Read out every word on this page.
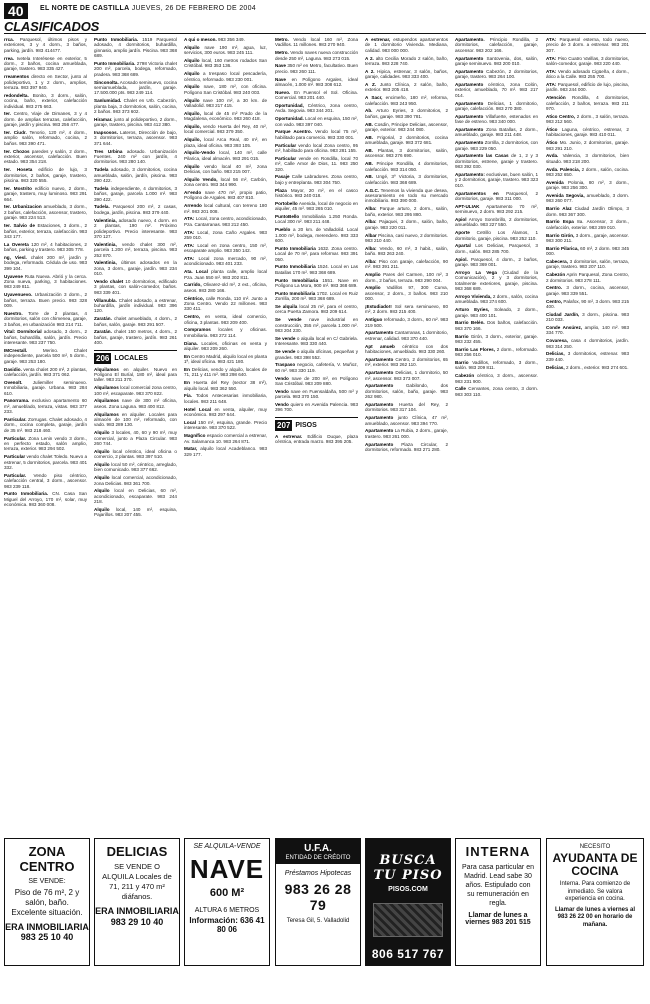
40	EL NORTE DE CASTILLA JUEVES, 26 DE FEBRERO DE 2004
CLASIFICADOS

rrca. Parquesol, últimos pisos y exteriores, 3 y 4 dorm., 3 baños, parking, jardín. 983 414477.

rrea. Ivetela Interésese en exterior, 5 dorm., 2 baños, cocina amueblada, garaje, trastero. 983 335 427.

rreamentos directo en Sector, junto al polideportivo, 1 y 2 dorm., amplios, terraza. 983 397 940.

redondelta. Bonito, 3 dorm., salón, cocina, baño, exterior, calefacción individual. 983 275 663.

ter. Centro, Viaje de Dimanes, 3 y 4 dorm. de amplias terrazas, calefacción, garaje, jardín y piscina. 983 256 477.

ter. Ciudr. Tenorio, 120 m², 4 dorm., amplio salón, reformado, cocina, 2 baños. 983 390 471.

ter. Chozos paredes y salón, 2 dorm., exterior, ascensor, calefacción. Buen estado. 983 354 218.

ter. Hoseta edificio de lujo, 3 dormitorios, 2 baños, garaje, trastero, piscina. 983 320 555.

ter. Mostrito edificio nuevo, 2 dorm., garaje, trastero, muy luminoso. 983 291 664.

ter. Urbanizacion amueblado, 3 dorm., 2 baños, calefacción, ascensor, trastero, garaje. 983 224 513.

ter. Salvio de Estaciones, 3 dorm., 2 baños, exterior, terraza, calefacción. 983 343 177.

La Overeta 120 m², 4 habitaciones, 2 baños, parking y trastero. 983 305 778.

ng, Viesl. chalet 200 m², jardín y bodega, reformado. Cédula de uso. 983 399 104.

Uyavene Ruta Nueva. Abrió y la cerca. Zona nueva, parking, 3 habitaciones. 983 249 811.

Uyavenuevo. Urbanización 3 dorm., 2 baños, terraza. Buen precio. 983 328 009.

Nuestro. Torre de 2 plantas, 4 dormitorios, salón con chimenea, garaje, 3 baños, en urbanización 983 214 711.

Vital: Dormitorial adosado, 3 dorm., 2 baños, buhardilla, salón, jardín. Precio interesante. 983 237 750.

IMCrestall.	Merino. Chalet independiente, parcela 500 m², 5 dorm., garaje. 983 253 180.

Dasidio. venta chalet 200 m², 2 plantas, calefacción, jardín. 983 371 062.

Ovenolt. Juliemiller seminuevo. Inmobiliaria, garaje. Urbana. 983 284 610.

Panorrama. exclusivo apartamento 60 m², amueblado, terraza, vistas. 983 377 233.

Parricular. Zorrugas. Chalet adosado, 4 dorm., cocina completa, garaje, jardín de 35 m². 983 218 460.

Particular. Zona Lenin vendo 3 dorm., en perfecto estado, salón amplio, terraza, exterior. 983 294 502.

Particular vendo chalet Toledo. Nuevo a estrenar, 5 dormitorios, parcela. 983 401 332.

Particular. Vendo piso céntrico, calefacción central, 3 dorm., ascensor. 983 239 118.

Punto Inmobiliaria. CN. Casa San Miguel del Arroyo, 170 m², solar, muy económica. 983 360 008.

Punto Inmobiliaria. 1519 Parquesol adosado, 4 dormitorios, buhardilla, ginnasio, amplio jardín. Piscina. 983 368 689.

Punto Inmobiliaria. 2798 Victoria chalet 200 m², parcela, bodega, reformado, pradera. 983 368 689.

Sinconolta. Acosado seminuevo, cocina semiamueblada, jardín, garaje. 17.500.000 pts. 983 249 114.

Sanlumidad. Chalet en Urb. Cabezón, planta baja, 3 dormitorios, salón, cocina, 2 baños. 983 373 602.

Hiramar. junto al polideportivo, 2 dorm., garaje, trastero, piscina. 983 412 380.

Inapsosos. Lateros, Dirección de bajo, 3 dormitorios, terraza, ascensor. 983 371 644.

Tres Urbina adosado. Urbanización Fuentes. 240 m² con jardín, 4 dormitorios. 983 280 140.

Tudela adosado, 3 dormitorios, cocina amueblada, salón, jardín, piscina. 983 390 422.

Tudela independiente, 4 dormitorios, 3 baños, garaje, parcela 1.000 m². 983 390 422.

Tudela. Parquesol 200 m², 2 casas, bodega, jardín, piscina. 983 379 440.

Valentinia, adosado nuevo, 4 dorm. en 2 plantas, 190 m². Próximo polideportivo. Precio interesante. 983 370 127.

Valentinia, vendo chalet 300 m², parcela 1.200 m², terraza, piscina. 983 252 870.

Valentinia, últimos adosados en la zona, 3 dorm., garaje, jardín. 983 234 010.

Vendo chalet 10 dormitorios, edificado 3 plantas, con salón-comedor, baños. 983 339 401.

Villanubla. Chalet adosado, a estrenar, buhardilla, jardín individual. 983 396 120.

Zaratán. chalet amueblado, 4 dorm., 2 baños, salón, garaje. 983 291 507.

Zaratán. chalet 150 metros, 4 dorm., 2 baños, garaje, trastero, jardín. 983 261 400.

206 LOCALES

Alquilamos en alquiler. Nuevo en Polígono El Buríal, 180 m², ideal para taller. 983 211 370.

Alquilamos local comercial zona centro, 100 m², escaparate. 983 370 822.

Alquilamos nave de 300 m² oficina, aseos. Zona Laguna. 983 400 812.

Alquilamos en alquiler. Locales para almacén de 100 m², reformado, con vado. 983 289 130.

Alquilo 3 locales, 40, 60 y 90 m², muy comercial, junto a Plaza Circular. 983 260 744.

Alquilo local céntrico, ideal oficina o comercio, 2 plantas. 983 397 510.

Alquilo local 50 m², céntrico, arreglado, bien comunicado. 983 377 662.

Alquilo local comercial, acondicionado, zona Delicias. 983 361 700.

Alquilo local en Delicias, 60 m², acondicionado, escaparate. 983 244 218.

Alquilo local, 140 m², esquina, Pajarillos. 983 207 455.

A qui o meson. 983 356 349.

Alquilo nave 190 m², agua, luz, servicios, 300 euros. 983 245 111.

Alquilo local, 160 metros rodados San Cristóbal. 983 353 136.

Alquilo a trespaso local pescadería, céntrico, reformado. 983 230 001.

Alquilo nave, 180 m², con oficina. Polígono San Cristóbal. 983 240 003.

Alquilo nave 100 m², a 30 km. de Valladolid. 983 217 415.

Alquilo, local de 45 m² Prado de la Magdalena, económico. 983 260 418.

Alquilo, vendo Huerta del Rey, 40 m², local comercial. 983 379 350.

Alquilo, local Arca Real, 40 m², en plaza, ideal oficina. 983 393 105.

Alquilo-Vendo local, 140 m², calle Pilarica, ideal almacén. 983 291 015.

Alquilo vendo local 40 m², zona Delicias, con baño. 983 215 007.

Alquilo Vendo, local 56 m², Carbón, zona centro. 983 344 990.

Ar'endo nave 470 m², propio patio, Polígono de Argales. 983 407 810.

Arrendo local cultural, con terreno 180 m². 983 201 008.

ATA: Local, zona centro, acondicionado, Pza. Cantarranas. 983 212 450.

ATA: Local, zona Caño Argales. 983 259 010.

ATA: Local en zona centro, 150 m², escaparate amplio. 983 350 142.

ATA: Local zona mercado, 90 m², acondicionado. 983 401 233.

Ata. Local planta calle, amplio local Pza. Juan 550 m². 983 202 811.

Carrido, Olivarez-old m², 2 ext., oficina, aseos. 983 280 166.

Céntrico, calle Ronda, 110 m². Junto a Zona Centro. Vendo 22 millones. 983 330 411.

Centro, en venta, ideal comercio, oficina, 3 plantas. 983 209 400.

Compramos locales y oficinas. Inmobiliaria. 983 272 114.

Diana. Locales, oficinas en venta y alquiler. 983 209 260.

En Centro Madrid, alquilo local en planta 1ª, ideal oficina. 983 421 180.

En Delicias, vendo y alquilo, locales de 71, 211 y 411 m². 983 298 640.

En Huerta del Rey (sector 38 m²), alquilo local. 983 362 550.

Fía. Todos Antecesarias inmobiliaria, locales. 983 211 648.

Hotel Local en venta, alquiler, muy económico. 983 297 644.

Local 150 m², esquina, grande. Precio interesante. 983 370 522.

Magnífico espacio comercial a estrenar, Av. Salamanca 10. 983 264 871.

Matar, alquilo local Acadeblanco. 983 329 177.

Metro. Vendo local 160 m², Zona Vadillos. 11 millones. 983 270 940.

Metro. Vendo naves nueva construcción desde 250 m², Laguna. 983 273 015.

Nave 350 m² en Metro, facultativo. Buen precio. 983 260 111.

Nave en Polígono Argales, ideal almacén, 1.000 m². 983 308 612.

Nuevo. En Fuensol el Sol. Oficina. Comercial. 983 201 440.

Oportunidad, Céntrico, zona centro, Avda. Segovia. 983 344 201.

Oportunidad. Local en esquina, 150 m², con vado. 983 397 040.

Parque Acentro. Vendo local 75 m², habilitado para comercio. 983 330 001.

Particular vendo local Zona centro, 95 m², habilitado para oficina. 983 281 155.

Particular vende en Rondilla, local 70 m², Calle Amor de Dios, 11. 983 250 320.

Pasaje Calle Labradores. Zona centro, bajo y entreplanta. 983 304 750.

Plaza Mayor, 20 m², en el casco histórico. 983 240 018.

Portobello Avenida, local de negocio en alquiler, 45 m². 983 265 010.

PuntoBello Inmobiliaria 1.250 Ronda. Local 300 m². 983 211 448.

Pueblo a 20 km. de Valladolid. Local 1.000 m², bodega, merendero. 983 333 600.

Punto Inmobiliaria 1632. Zona centro. Local de 70 m², para reformar. 983 391 050.

Punto Inmobiliaria 1524. Local en Las Batallas 170 m². 983 368 689.

Punto Inmobiliaria 1551. Nave en Polígono La Mora, 900 m². 983 368 689.

Punto Inmobiliaria 1702. Local en Ruiz Zorrilla, 200 m². 983 368 689.

Se alquila local 25 m², para el centro, cerca Puerta Zamora. 983 209 614.

Se vende nave industrial en construcción, 355 m², parcela 1.000 m². 983 204 230.

Se vende o alquila local en C/ Gabriela. Interesante. 983 330 440.

Se vende o alquila oficinas, pequeñas y grandes. 983 398 552.

Traspaso negocio, cafetería, V. Muñoz, 60 m². 983 330 119.

Vendo nave de 200 m², en Polígono San Cristóbal. 983 209 880.

Vendo nave en Fuensaldaña, 500 m² y parcela. 983 370 150.

Vendo quiero en Avenida Palencia. 983 396 700.

207 PISOS

A estrenar. Edificio Duque, plaza céntrica, entrada marzo. 983 395 205.

A estrenar, estupendos apartamentos de 1 dormitorio Vivienda. Mediana, calidad. 983 000 000.

A 2. alto Cecilia Morado 2 salón, baño, terraza. 983 228 740.

A 2. Hipica, estrenar, 3 salón, baños, garaje, calidades. 983 333 400.

A Z. Junto Clínica, 2 salón, baño, exterior. 983 205 418.

A Sacr, encimeño, 180 m², reforma, calefacción. 983 243 950.

Ab. Arturo Eyries, 3 dormitorios, 2 baños, garaje. 983 390 781.

AB. Cosdin, Principe Delicias, ascensor, garaje, exterior. 983 244 080.

AB. Frigorial, 2 dormitorios, cocina amueblada, garaje. 983 372 681.

AB. Plantas, 3 dormitorios, salón, ascensor. 983 276 690.

AB. Principe Rondilla, 4 dormitorios, calefacción. 983 314 050.

AB. Ungé, 3º Victoria, 3 dormitorios, calefacción. 983 368 689.

A.G.C. Tenemos la vivienda que desea, asesoramiento en todo su mercado inmobiliario. 983 390 000.

Alba: Parque arturo, 2 dorm., salón, baño, exterior. 983 295 880.

Alba: Pajaquei, 3 dorm., salón, baño, garaje. 983 220 011.

Albar Piscina, casi nuevo, 2 dormitorios. 983 210 440.

Alba: Vendo, 60 m², 3 habit., salón, baño. 983 263 240.

Alba: Piso con garaje, calefacción, 90 m². 983 391 211.

Amplio Pares del Carmen, 100 m², 3 dorm., 2 baños, terraza. 983 290 004.

Amplio Vadillos 97, 300 Curva, ascensor, 2 dorm., 3 baños. 983 210 000.

¡Estudiado!! Sol sera seminuevo, 80 m², 2 dorm. 983 215 400.

Antiguo reformado, 3 dorm., 60 m². 983 219 500.

Apartamento Cantarranas, 1 dormitorio, estrenar, calidad. 983 370 440.

Apt amueb céntrico con dos habitaciones, amueblado. 983 330 260.

Apartamento Centro, 2 dormitorios, 65 m², exterior. 983 262 110.

Apartamento Delicias, 1 dormitorio, 50 m², ascensor. 983 373 007.

Apartamento	Gabilondo, dos dormitorios, salón, baño, garaje. 983 262 980.

Apartamento Huerta del Rey, 2 dormitorios. 983 317 104.

Apartamento junto Clínica, 47 m², amueblado, ascensor. 983 394 770.

Apartamento La Rubia, 2 dorm., garaje, trastero. 983 261 000.

Apartamento Plaza Circular, 2 dormitorios, reformado. 983 271 280.

Apartamento. Principio Rondilla, 2 dormitorios, calefacción, garaje, ascensor. 983 202 166.

Apartamento Santovenia, dos, salón, garaje seminuevo. 983 200 010.

Apartamento Cabezón, 2 dormitorios, garaje, trastero. 983 264 100.

Apartamento céntrico, zona Colón, exterior, amueblado, 70 m². 983 217 014.

Apartamento Delicias, 1 dormitorio, garaje, calefacción. 983 270 380.

Apartamento Villafuerte, estenados en fase de estreno. 983 340 000.

Apartamento Zona Batallas, 2 dorm., amueblado, garaje. 983 211 448.

Apartamento Zorrilla, 2 dormitorios, con garaje. 983 229 050.

Apartamento las Casas de 1, 2 y 3 dormitorios, estrene, garaje y trastero. 983 392 030.

Apartamento: exclusivas, buen salón, 1 y 2 dormitorios, garaje, trastero. 983 323 010.

Apartamentos en Parquesol, 2 dormitorios, garaje. 983 311 000.

APT-ULIAK Apartamento 70 m², seminuevo, 2 dorm. 983 292 215.

Apiol Arroyo Sonnbrillo, 2 dormitorios, amueblado. 983 227 550.

Aporte Cetrillo Los Álamos, 1 dormitorio, garaje, piscina. 983 252 110.

Apartal Los Delicias, Parquesol, 3 dorm., salón. 983 285 700.

Apiol. Parquesol, 4 dorm., 2 baños, garaje. 983 369 001.

Arroyo La Vega (Ciudad de la Comunicación), 2 y 3 dormitorios, totalmente exteriores, garaje, piscina. 983 368 689.

Arroyo Vivienda, 2 dorm., salón, cocina amueblada. 983 274 600.

Arturo Eyries, Soleado, 2 dorm., garaje. 983 400 101.

Barrio Belén. Dos baños, calefacción. 983 370 166.

Barrio Girón, 3 dorm., exterior, garaje. 983 232 455.

Barrio Las Flores, 2 dorm., reformado. 983 256 010.

Barrio Vadillos, reformado, 3 dorm., salón. 983 209 811.

Cabezón céntrico, 3 dorm., ascensor. 983 231 900.

Calle Cervantes, zona centro, 3 dorm. 983 303 110.

ATA: Parquesol esterna, todo nuevo, precio de 3 dorm. a estrenar. 983 201 307.

ATA: Piso Cuatro Varillas, 3 dormitorios, salón-comedor, garaje. 983 220 440.

ATA: Vendo adosado Cigüeña, 4 dorm., ático a la Calle. 983 255 700.

ATA: Parquesol, edificio de lujo, piscina, jardín. 983 244 000.

Atención Rondilla, 4 dormitorios, calefacción, 2 baños, terraza. 983 211 970.

Atico Centro, 2 dorm., 3 salón, terraza. 983 212 560.

Ático Laguna, céntrico, estrenar, 2 habitaciones, garaje. 983 410 011.

Ático Mo. Junio, 2 dormitorios, garaje. 983 291 210.

Avda. Valencia, 3 dormitorios, bien situado. 983 218 200.

Avda. Palencia, 2 dorm., salón, cocina. 983 252 650.

Avenida Polonia, 80 m², 3 dorm., garaje. 983 256 300.

Avenida Segovia, amueblado, 3 dorm. 983 260 077.

Barrio Alaz Ciudad Jardín Olimpo, 3 dorm. 983 367 300.

Barrio Espa 8a. Ascensor, 3 dorm., calefacción, exterior. 983 269 010.

Barrio Girón, 3 dorm., garaje, ascensor. 983 300 211.

Barrio Pilarica, 60 m², 2 dorm. 983 345 000.

Cabecera, 3 dormitorios, salón, terraza, garaje, trastero. 983 207 110.

Cabezón Aprin Parquesol, Zona Centro, 2 dormitorios. 983 278 111.

Centro. 3 dorm., cocina, ascensor, garaje. 983 339 551.

Centro, Palafox, 90 m², 3 dorm. 983 215 400.

Ciudad Jardín, 3 dorm., piscina. 983 210 033.

Conde Ansúrez, amplio, 140 m². 983 334 770.

Covaresa, casa 4 dormitorios, jardín. 983 314 250.

Delicias, 3 dormitorios, estrenar. 983 239 440.

Delicias, 2 dorm., exterior. 983 274 601.

ZONA CENTRO
SE VENDE:
Piso de 76 m², 2 y salón, baño. Excelente situación.
ERA INMOBILIARIA 983 25 10 40
DELICIAS
SE VENDE O ALQUILA Locales de 71, 211 y 470 m² diáfanos.
ERA INMOBILIARIA 983 29 10 40
SE ALQUILA-VENDE
NAVE
600 M²
ALTURA 6 METROS
Información: 636 41 80 06
U.F.A.
ENTIDAD DE CRÉDITO
Préstamos Hipotecas
983 26 28 79
Teresa Gil, 5. Valladolid
BUSCA TU PISO
PISOS.COM
806 517 767
INTERNA
Para casa particular en Madrid. Lead sabe 30 años. Estipulado con su remuneración en regla.
Llamar de lunes a viernes 983 201 515
NECESITO
AYUDANTA DE COCINA
Interna. Para comienzo de inmediato. Se valora experiencia en cocina.
Llamar de lunes a viernes al 983 26 22 00 en horario de mañana.
